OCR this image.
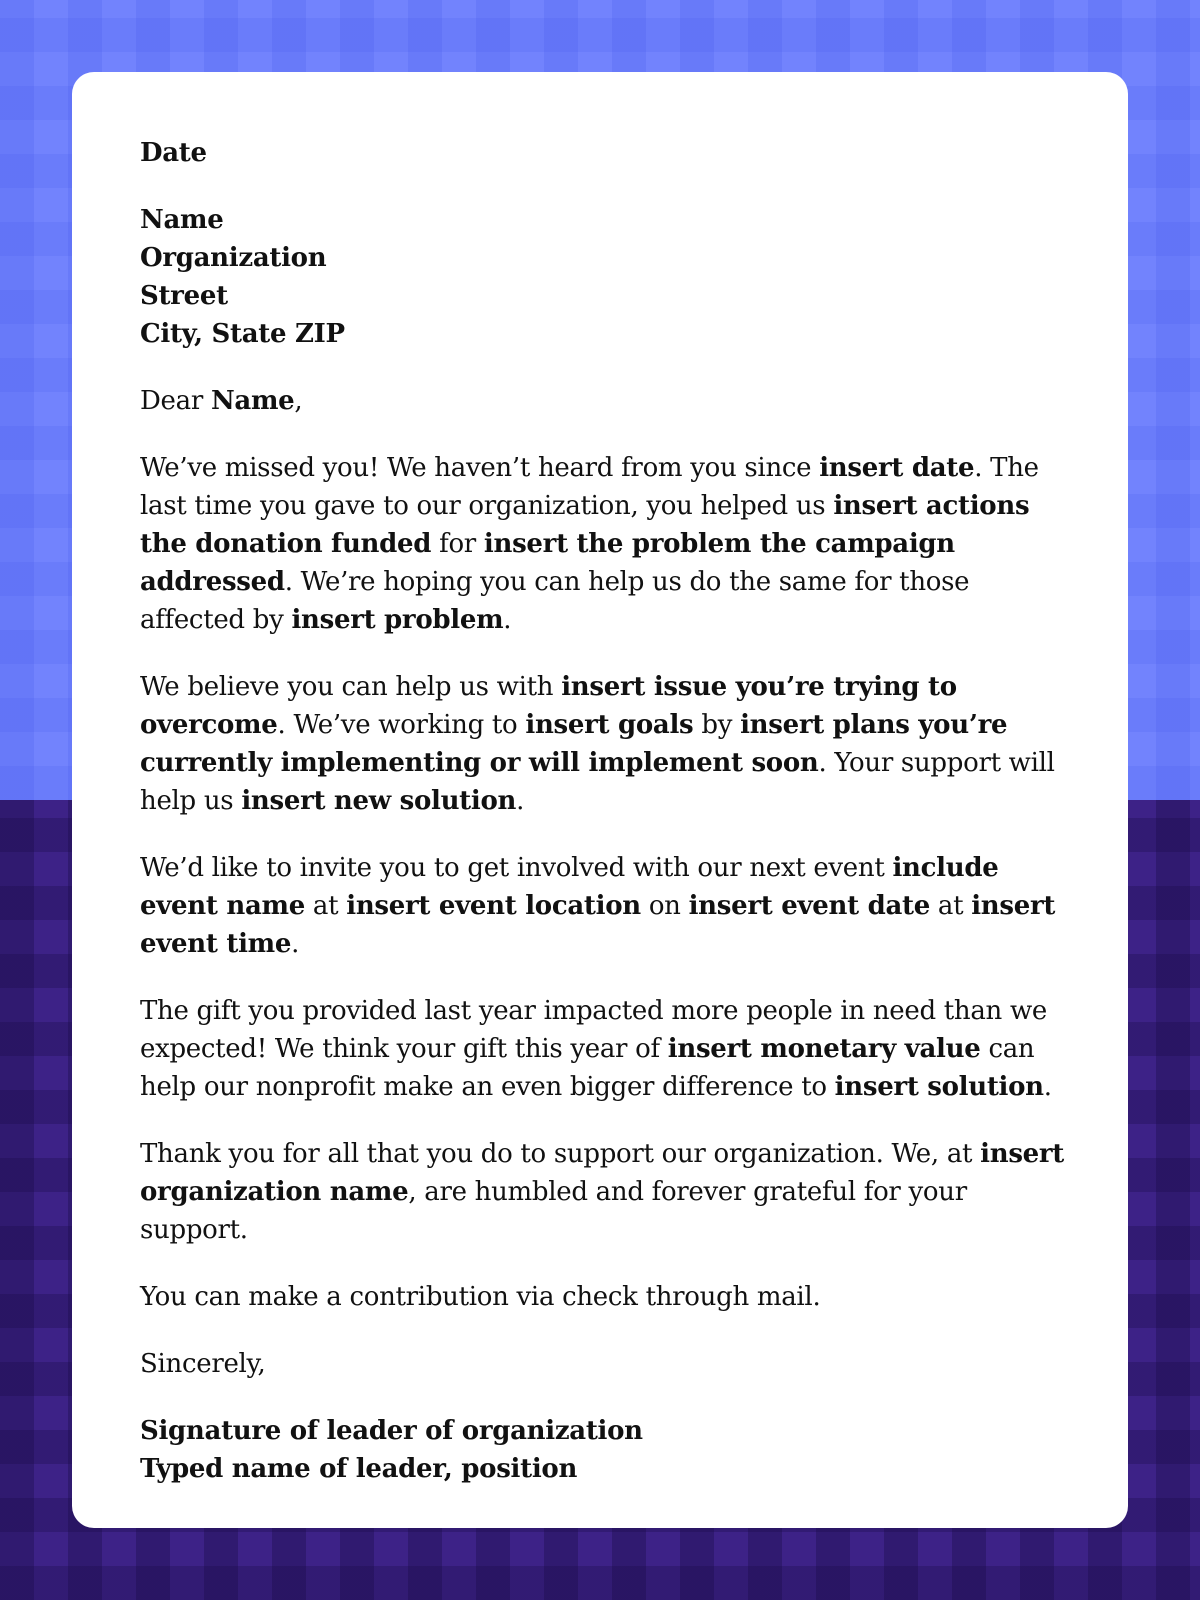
Date
Name
Organization
Street
City, State ZIP
Dear Name,
We’ve missed you! We haven’t heard from you since insert date. The last time you gave to our organization, you helped us insert actions the donation funded for insert the problem the campaign addressed. We’re hoping you can help us do the same for those affected by insert problem.
We believe you can help us with insert issue you’re trying to overcome. We’ve working to insert goals by insert plans you’re currently implementing or will implement soon. Your support will help us insert new solution.
We’d like to invite you to get involved with our next event include event name at insert event location on insert event date at insert event time.
The gift you provided last year impacted more people in need than we expected! We think your gift this year of insert monetary value can help our nonprofit make an even bigger difference to insert solution.
Thank you for all that you do to support our organization. We, at insert organization name, are humbled and forever grateful for your support.
You can make a contribution via check through mail.
Sincerely,
Signature of leader of organization
Typed name of leader, position
